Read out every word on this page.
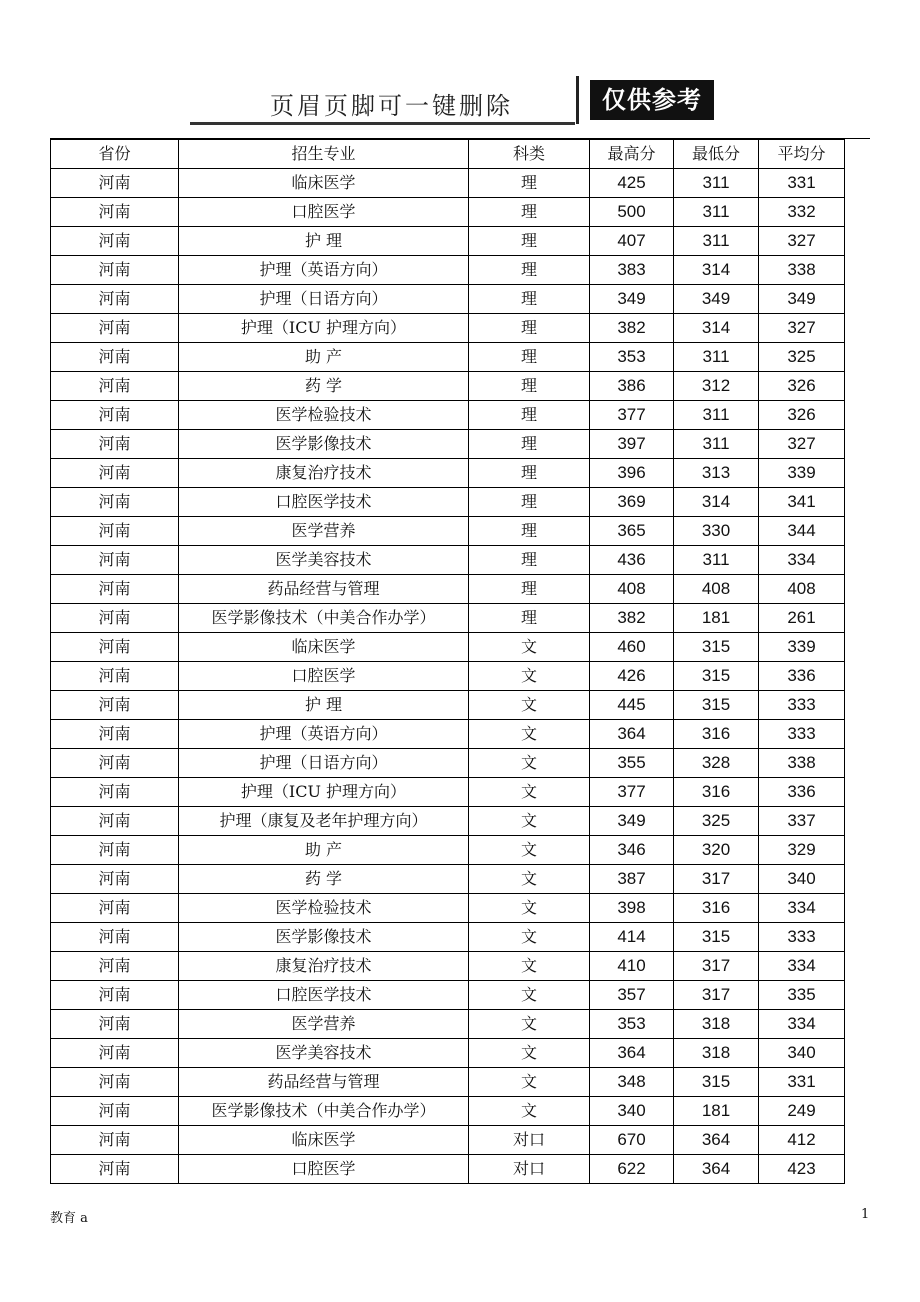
页眉页脚可一键删除	仅供参考
省份	招生专业	科类	最高分	最低分	平均分
河南	临床医学	理	425	311	331
河南	口腔医学	理	500	311	332
河南	护 理	理	407	311	327
河南	护理（英语方向）	理	383	314	338
河南	护理（日语方向）	理	349	349	349
河南	护理（ICU 护理方向）	理	382	314	327
河南	助 产	理	353	311	325
河南	药 学	理	386	312	326
河南	医学检验技术	理	377	311	326
河南	医学影像技术	理	397	311	327
河南	康复治疗技术	理	396	313	339
河南	口腔医学技术	理	369	314	341
河南	医学营养	理	365	330	344
河南	医学美容技术	理	436	311	334
河南	药品经营与管理	理	408	408	408
河南	医学影像技术（中美合作办学）	理	382	181	261
河南	临床医学	文	460	315	339
河南	口腔医学	文	426	315	336
河南	护 理	文	445	315	333
河南	护理（英语方向）	文	364	316	333
河南	护理（日语方向）	文	355	328	338
河南	护理（ICU 护理方向）	文	377	316	336
河南	护理（康复及老年护理方向）	文	349	325	337
河南	助 产	文	346	320	329
河南	药 学	文	387	317	340
河南	医学检验技术	文	398	316	334
河南	医学影像技术	文	414	315	333
河南	康复治疗技术	文	410	317	334
河南	口腔医学技术	文	357	317	335
河南	医学营养	文	353	318	334
河南	医学美容技术	文	364	318	340
河南	药品经营与管理	文	348	315	331
河南	医学影像技术（中美合作办学）	文	340	181	249
河南	临床医学	对口	670	364	412
河南	口腔医学	对口	622	364	423
教育 a	1
